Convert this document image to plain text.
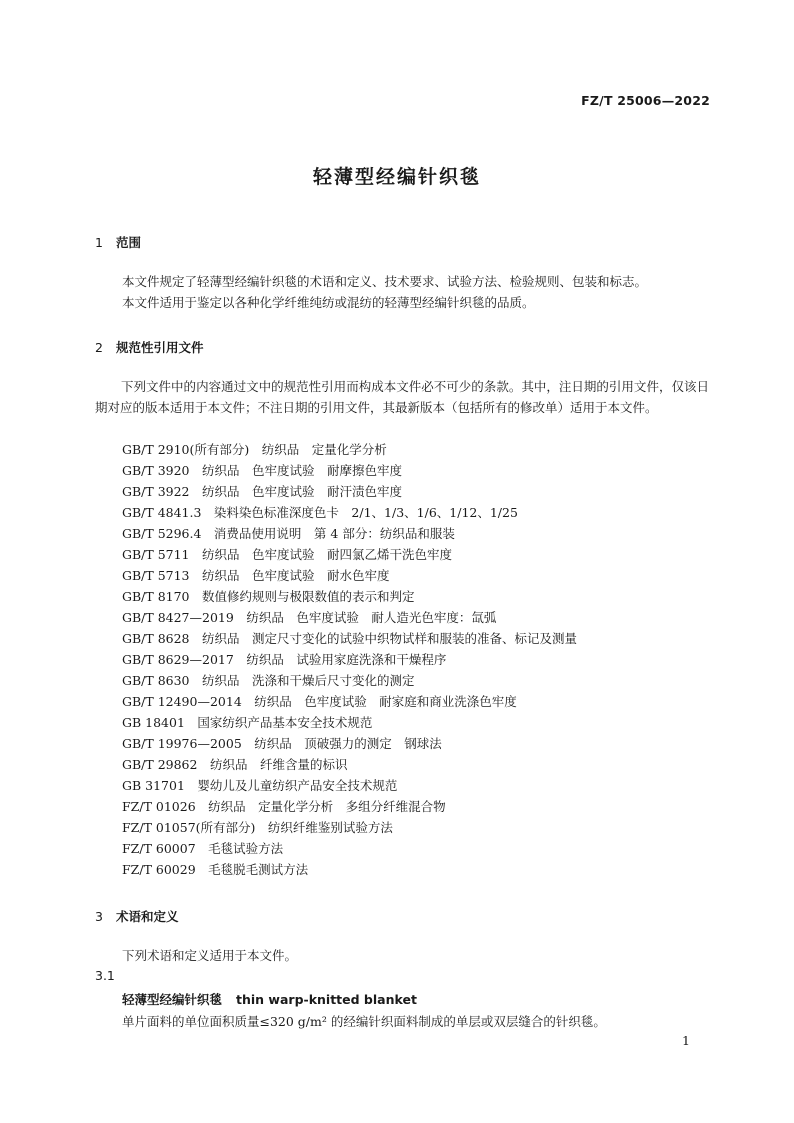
FZ/T 25006—2022
轻薄型经编针织毯
1 范围
本文件规定了轻薄型经编针织毯的术语和定义、技术要求、试验方法、检验规则、包装和标志。
本文件适用于鉴定以各种化学纤维纯纺或混纺的轻薄型经编针织毯的品质。
2 规范性引用文件
下列文件中的内容通过文中的规范性引用而构成本文件必不可少的条款。其中，注日期的引用文件，仅该日期对应的版本适用于本文件；不注日期的引用文件，其最新版本（包括所有的修改单）适用于本文件。
GB/T 2910(所有部分)　纺织品　定量化学分析
GB/T 3920　纺织品　色牢度试验　耐摩擦色牢度
GB/T 3922　纺织品　色牢度试验　耐汗渍色牢度
GB/T 4841.3　染料染色标准深度色卡　2/1、1/3、1/6、1/12、1/25
GB/T 5296.4　消费品使用说明　第 4 部分：纺织品和服装
GB/T 5711　纺织品　色牢度试验　耐四氯乙烯干洗色牢度
GB/T 5713　纺织品　色牢度试验　耐水色牢度
GB/T 8170　数值修约规则与极限数值的表示和判定
GB/T 8427—2019　纺织品　色牢度试验　耐人造光色牢度：氙弧
GB/T 8628　纺织品　测定尺寸变化的试验中织物试样和服装的准备、标记及测量
GB/T 8629—2017　纺织品　试验用家庭洗涤和干燥程序
GB/T 8630　纺织品　洗涤和干燥后尺寸变化的测定
GB/T 12490—2014　纺织品　色牢度试验　耐家庭和商业洗涤色牢度
GB 18401　国家纺织产品基本安全技术规范
GB/T 19976—2005　纺织品　顶破强力的测定　钢球法
GB/T 29862　纺织品　纤维含量的标识
GB 31701　婴幼儿及儿童纺织产品安全技术规范
FZ/T 01026　纺织品　定量化学分析　多组分纤维混合物
FZ/T 01057(所有部分)　纺织纤维鉴别试验方法
FZ/T 60007　毛毯试验方法
FZ/T 60029　毛毯脱毛测试方法
3 术语和定义
下列术语和定义适用于本文件。
3.1
轻薄型经编针织毯 thin warp-knitted blanket
单片面料的单位面积质量≤320 g/m² 的经编针织面料制成的单层或双层缝合的针织毯。
1
